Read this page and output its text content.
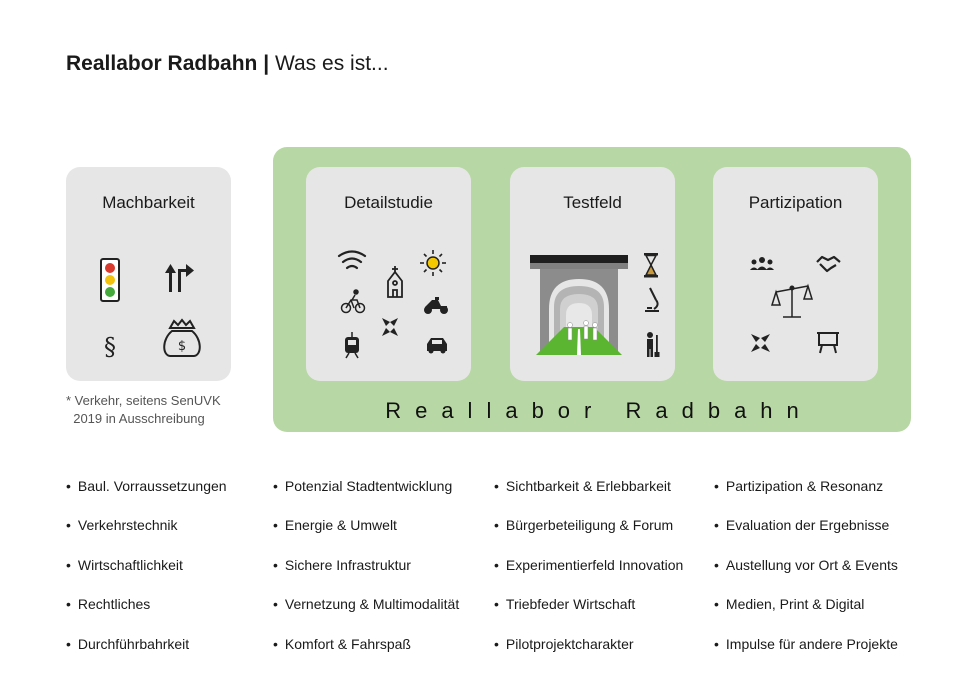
Reallabor Radbahn | Was es ist...
Machbarkeit
§	$
* Verkehr, seitens SenUVK
2019 in Ausschreibung
Detailstudie	Testfeld	Partizipation
Reallabor Radbahn
• Baul. Vorraussetzungen
• Verkehrstechnik
• Wirtschaftlichkeit
• Rechtliches
• Durchführbahrkeit
• Potenzial Stadtentwicklung
• Energie & Umwelt
• Sichere Infrastruktur
• Vernetzung & Multimodalität
• Komfort & Fahrspaß
• Sichtbarkeit & Erlebbarkeit
• Bürgerbeteiligung & Forum
• Experimentierfeld Innovation
• Triebfeder Wirtschaft
• Pilotprojektcharakter
• Partizipation & Resonanz
• Evaluation der Ergebnisse
• Austellung vor Ort & Events
• Medien, Print & Digital
• Impulse für andere Projekte
